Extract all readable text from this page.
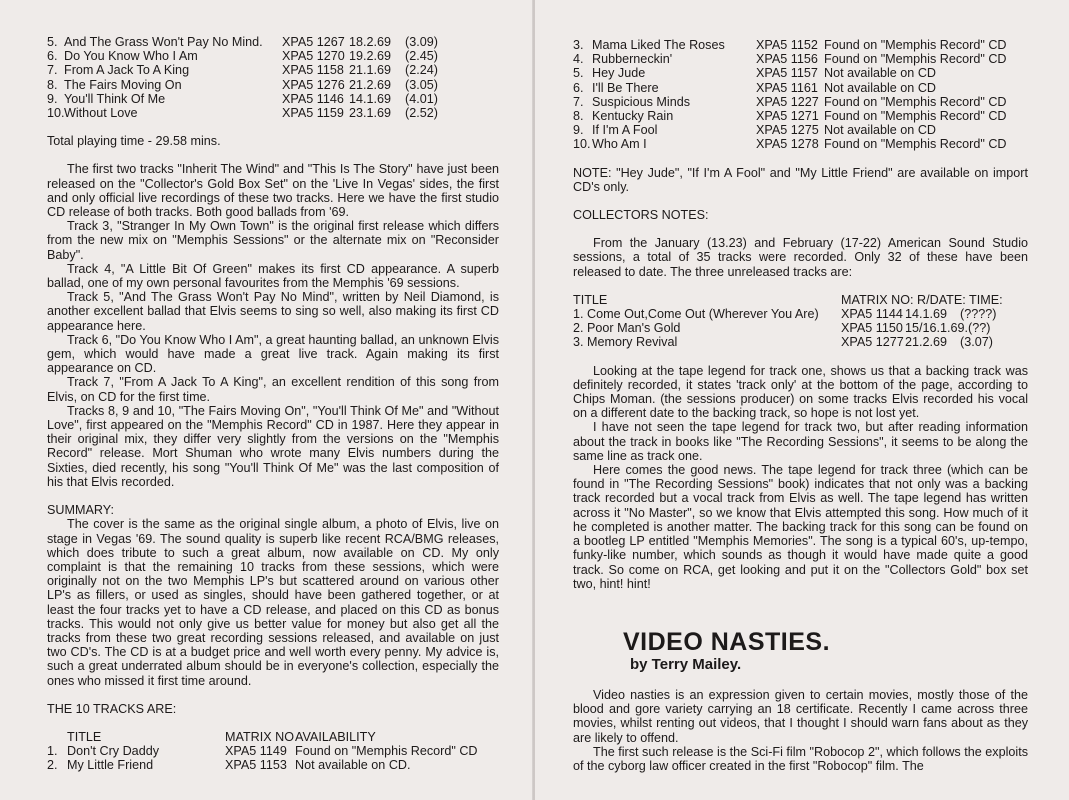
5. And The Grass Won't Pay No Mind.	XPA5 1267 18.2.69	(3.09)
6. Do You Know Who I Am	XPA5 1270 19.2.69	(2.45)
7. From A Jack To A King	XPA5 1158 21.1.69	(2.24)
8. The Fairs Moving On	XPA5 1276 21.2.69	(3.05)
9. You'll Think Of Me	XPA5 1146 14.1.69	(4.01)
10. Without Love	XPA5 1159 23.1.69	(2.52)

Total playing time - 29.58 mins.

The first two tracks "Inherit The Wind" and "This Is The Story" have just been released on the "Collector's Gold Box Set" on the 'Live In Vegas' sides, the first and only official live recordings of these two tracks. Here we have the first studio CD release of both tracks. Both good ballads from '69.

Track 3, "Stranger In My Own Town" is the original first release which differs from the new mix on "Memphis Sessions" or the alternate mix on "Reconsider Baby".

Track 4, "A Little Bit Of Green" makes its first CD appearance. A superb ballad, one of my own personal favourites from the Memphis '69 sessions.

Track 5, "And The Grass Won't Pay No Mind", written by Neil Diamond, is another excellent ballad that Elvis seems to sing so well, also making its first CD appearance here.

Track 6, "Do You Know Who I Am", a great haunting ballad, an unknown Elvis gem, which would have made a great live track. Again making its first appearance on CD.

Track 7, "From A Jack To A King", an excellent rendition of this song from Elvis, on CD for the first time.

Tracks 8, 9 and 10, "The Fairs Moving On", "You'll Think Of Me" and "Without Love", first appeared on the "Memphis Record" CD in 1987. Here they appear in their original mix, they differ very slightly from the versions on the "Memphis Record" release. Mort Shuman who wrote many Elvis numbers during the Sixties, died recently, his song "You'll Think Of Me" was the last composition of his that Elvis recorded.

SUMMARY:

The cover is the same as the original single album, a photo of Elvis, live on stage in Vegas '69. The sound quality is superb like recent RCA/BMG releases, which does tribute to such a great album, now available on CD. My only complaint is that the remaining 10 tracks from these sessions, which were originally not on the two Memphis LP's but scattered around on various other LP's as fillers, or used as singles, should have been gathered together, or at least the four tracks yet to have a CD release, and placed on this CD as bonus tracks. This would not only give us better value for money but also get all the tracks from these two great recording sessions released, and available on just two CD's. The CD is at a budget price and well worth every penny. My advice is, such a great underrated album should be in everyone's collection, especially the ones who missed it first time around.

THE 10 TRACKS ARE:

TITLE	MATRIX NO AVAILABILITY
1. Don't Cry Daddy	XPA5 1149 Found on "Memphis Record" CD
2. My Little Friend	XPA5 1153 Not available on CD.
3. Mama Liked The Roses	XPA5 1152 Found on "Memphis Record" CD
4. Rubberneckin'	XPA5 1156 Found on "Memphis Record" CD
5. Hey Jude	XPA5 1157 Not available on CD
6. I'll Be There	XPA5 1161 Not available on CD
7. Suspicious Minds	XPA5 1227 Found on "Memphis Record" CD
8. Kentucky Rain	XPA5 1271 Found on "Memphis Record" CD
9. If I'm A Fool	XPA5 1275 Not available on CD
10. Who Am I	XPA5 1278 Found on "Memphis Record" CD

NOTE: "Hey Jude", "If I'm A Fool" and "My Little Friend" are available on import CD's only.

COLLECTORS NOTES:

From the January (13.23) and February (17-22) American Sound Studio sessions, a total of 35 tracks were recorded. Only 32 of these have been released to date. The three unreleased tracks are:

TITLE	MATRIX NO: R/DATE: TIME:
1. Come Out,Come Out (Wherever You Are)	XPA5 1144 14.1.69	(????)
2. Poor Man's Gold	XPA5 1150 15/16.1.69.(??)
3. Memory Revival	XPA5 1277 21.2.69	(3.07)

Looking at the tape legend for track one, shows us that a backing track was definitely recorded, it states 'track only' at the bottom of the page, according to Chips Moman. (the sessions producer) on some tracks Elvis recorded his vocal on a different date to the backing track, so hope is not lost yet.

I have not seen the tape legend for track two, but after reading information about the track in books like "The Recording Sessions", it seems to be along the same line as track one.

Here comes the good news. The tape legend for track three (which can be found in "The Recording Sessions" book) indicates that not only was a backing track recorded but a vocal track from Elvis as well. The tape legend has written across it "No Master", so we know that Elvis attempted this song. How much of it he completed is another matter. The backing track for this song can be found on a bootleg LP entitled "Memphis Memories". The song is a typical 60's, up-tempo, funky-like number, which sounds as though it would have made quite a good track. So come on RCA, get looking and put it on the "Collectors Gold" box set two, hint! hint!

VIDEO NASTIES.
by Terry Mailey.

Video nasties is an expression given to certain movies, mostly those of the blood and gore variety carrying an 18 certificate. Recently I came across three movies, whilst renting out videos, that I thought I should warn fans about as they are likely to offend.

The first such release is the Sci-Fi film "Robocop 2", which follows the exploits of the cyborg law officer created in the first "Robocop" film. The
